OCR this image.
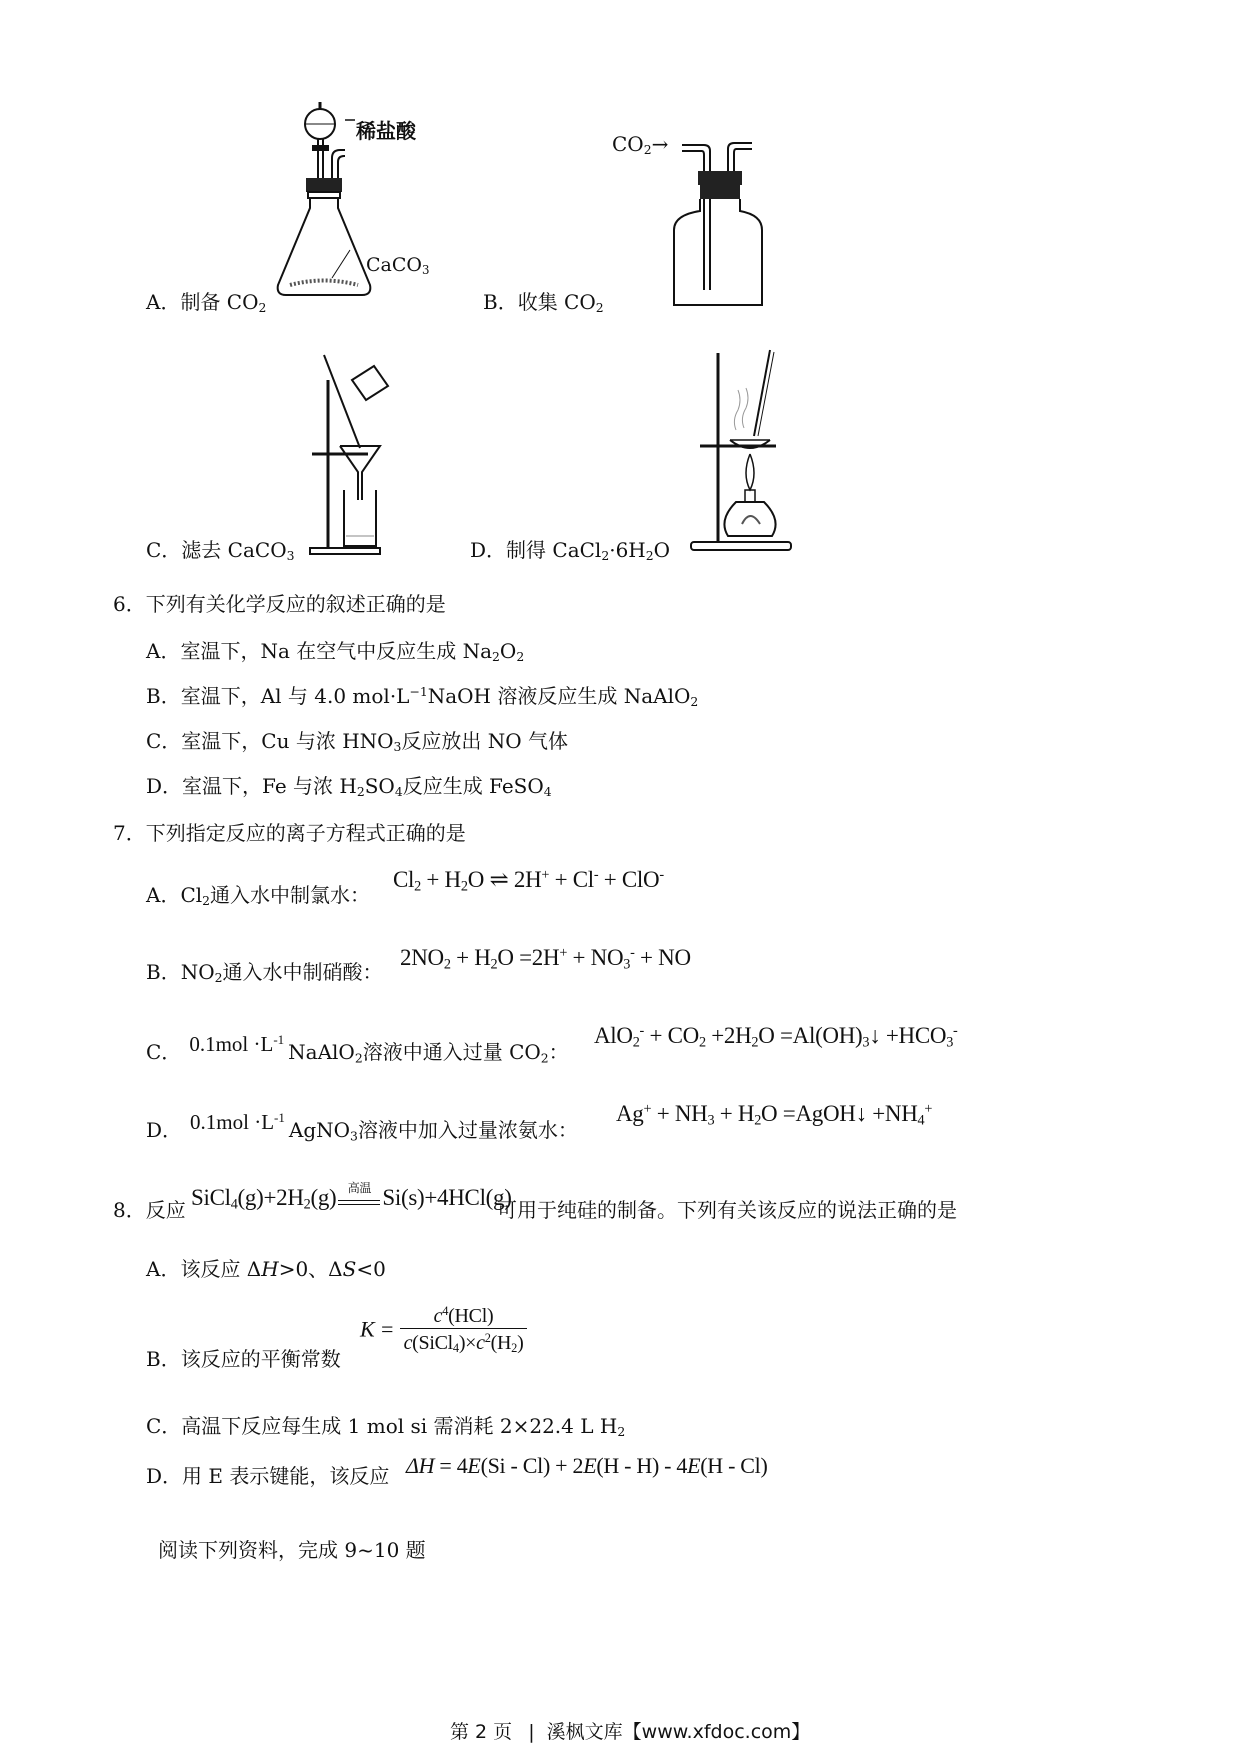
稀盐酸
CaCO$_3$
A．制备 $CO_2$
$CO_2\to$
B．收集 $CO_2$
C．滤去 CaCO$_3$	D．制得 $CaCl_2\cdot 6H_2O$
6．下列有关化学反应的叙述正确的是
A．室温下，Na 在空气中反应生成 $Na_2O_2$
B．室温下，Al 与 4.0 $mol\cdot L^{-1}NaOH$ 溶液反应生成 NaAlO$_2$
C．室温下，Cu 与浓 $HNO_3$反应放出 NO 气体
D．室温下，Fe 与浓 $H_2SO_4$反应生成 FeSO$_4$
7．下列指定反应的离子方程式正确的是
A．$Cl_2$通入水中制氯水：
$Cl_2 + H_2O$ ⇌ 2H+ + Cl- + ClO-
B．$NO_2$通入水中制硝酸：
$2NO_2 + H_2O =2H^+ + NO_3^-$ + NO
C． $0.1mol \cdot L^{-1}NaAlO_2$溶液中通入过量 $CO_2$：
$AlO_2^- + CO_2 +2H_2O$ $=Al(OH)_3↓ +HCO_3^-$
D． $0.1mol \cdot L^{-1}AgNO_3$溶液中加入过量浓氨水：
$Ag^+ + NH_3 + H_2O$ =AgOH↓ $+NH_4^+$
8．反应 $SiCl_4(g)+2H_2(g)$ 高温 Si(s)+4HCl(g)
可用于纯硅的制备。下列有关该反应的说法正确的是
A．该反应 ΔH>0、ΔS<0
B．该反应的平衡常数
$K = \frac{c^4(HCl)}{c(SiCl_4)\times c^2(H_2)}$
C．高温下反应每生成 1 mol si 需消耗 2×22.4 L $H_2$
D．用 E 表示键能，该反应 ΔH = 4E(Si - Cl) + 2E(H - H) - 4E(H - Cl)
阅读下列资料，完成 9~10 题
第 2 页 | 溪枫文库【www.xfdoc.com】
